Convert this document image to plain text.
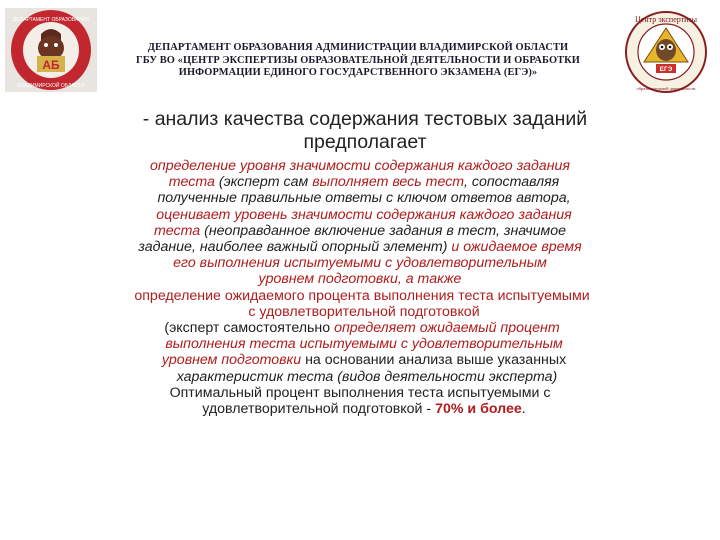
АБ
ДЕПАРТАМЕНТ ОБРАЗОВАНИЯ
ВЛАДИМИРСКОЙ ОБЛАСТИ
ДЕПАРТАМЕНТ ОБРАЗОВАНИЯ АДМИНИСТРАЦИИ ВЛАДИМИРСКОЙ ОБЛАСТИ
ГБУ ВО «ЦЕНТР ЭКСПЕРТИЗЫ ОБРАЗОВАТЕЛЬНОЙ ДЕЯТЕЛЬНОСТИ И ОБРАБОТКИ
ИНФОРМАЦИИ ЕДИНОГО ГОСУДАРСТВЕННОГО ЭКЗАМЕНА (ЕГЭ)»	ЕГЭ
Центр экспертизы
образовательной деятельности
- анализ качества содержания тестовых заданий
предполагает
определение уровня значимости содержания каждого задания
теста (эксперт сам выполняет весь тест, сопоставляя
полученные правильные ответы с ключом ответов автора,
оценивает уровень значимости содержания каждого задания
теста (неоправданное включение задания в тест, значимое
задание, наиболее важный опорный элемент) и ожидаемое время
его выполнения испытуемыми с удовлетворительным
уровнем подготовки, а также
определение ожидаемого процента выполнения теста испытуемыми
с удовлетворительной подготовкой
(эксперт самостоятельно определяет ожидаемый процент
выполнения теста испытуемыми с удовлетворительным
уровнем подготовки на основании анализа выше указанных
характеристик теста (видов деятельности эксперта)
Оптимальный процент выполнения теста испытуемыми с
удовлетворительной подготовкой - 70% и более.
